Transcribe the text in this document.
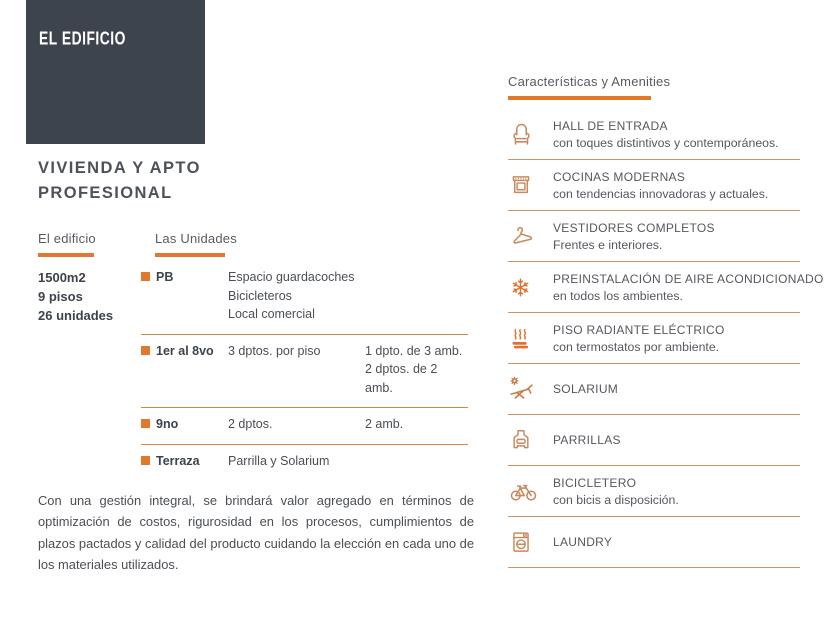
EL EDIFICIO
VIVIENDA Y APTO
PROFESIONAL
El edificio
1500m2
9 pisos
26 unidades
Las Unidades
PB	Espacio guardacoches
Bicicleteros
Local comercial
1er al 8vo	3 dptos. por piso	1 dpto. de 3 amb.
2 dptos. de 2 amb.
9no	2 dptos.	2 amb.
Terraza	Parrilla y Solarium

Con una gestión integral, se brindará valor agregado en términos de optimización de costos, rigurosidad en los procesos, cumplimientos de plazos pactados y calidad del producto cuidando la elección en cada uno de los materiales utilizados.

Características y Amenities
HALL DE ENTRADA
con toques distintivos y contemporáneos.
COCINAS MODERNAS
con tendencias innovadoras y actuales.
VESTIDORES COMPLETOS
Frentes e interiores.
PREINSTALACIÓN DE AIRE ACONDICIONADO
en todos los ambientes.
PISO RADIANTE ELÉCTRICO
con termostatos por ambiente.
SOLARIUM
PARRILLAS
BICICLETERO
con bicis a disposición.
LAUNDRY
